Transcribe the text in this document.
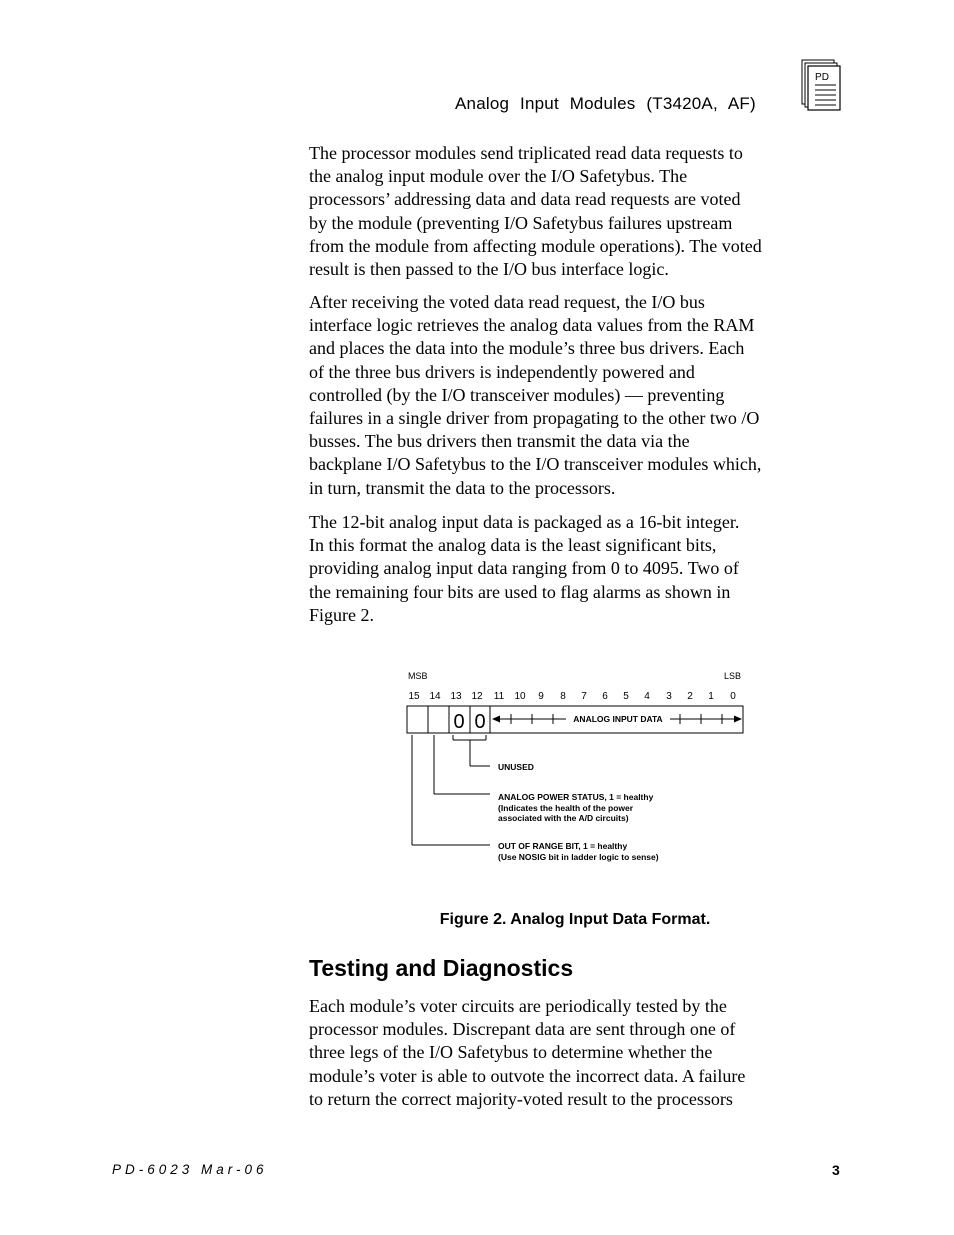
Analog Input Modules (T3420A, AF)
PD

The processor modules send triplicated read data requests to

the analog input module over the I/O Safetybus. The

processors’ addressing data and data read requests are voted

by the module (preventing I/O Safetybus failures upstream

from the module from affecting module operations). The voted

result is then passed to the I/O bus interface logic.

After receiving the voted data read request, the I/O bus

interface logic retrieves the analog data values from the RAM

and places the data into the module’s three bus drivers. Each

of the three bus drivers is independently powered and

controlled (by the I/O transceiver modules) — preventing

failures in a single driver from propagating to the other two /O

busses. The bus drivers then transmit the data via the

backplane I/O Safetybus to the I/O transceiver modules which,

in turn, transmit the data to the processors.

The 12-bit analog input data is packaged as a 16-bit integer.

In this format the analog data is the least significant bits,

providing analog input data ranging from 0 to 4095. Two of

the remaining four bits are used to flag alarms as shown in

Figure 2.

MSB	LSB
15 14 13 12 11 10 9 8 7 6 5 4 3 2 1 0
0 0	ANALOG INPUT DATA
UNUSED
ANALOG POWER STATUS, 1 = healthy
(Indicates the health of the power
associated with the A/D circuits)
OUT OF RANGE BIT, 1 = healthy
(Use NOSIG bit in ladder logic to sense)
Figure 2. Analog Input Data Format.
Testing and Diagnostics

Each module’s voter circuits are periodically tested by the

processor modules. Discrepant data are sent through one of

three legs of the I/O Safetybus to determine whether the

module’s voter is able to outvote the incorrect data. A failure

to return the correct majority-voted result to the processors

PD-6023 Mar-06	3
